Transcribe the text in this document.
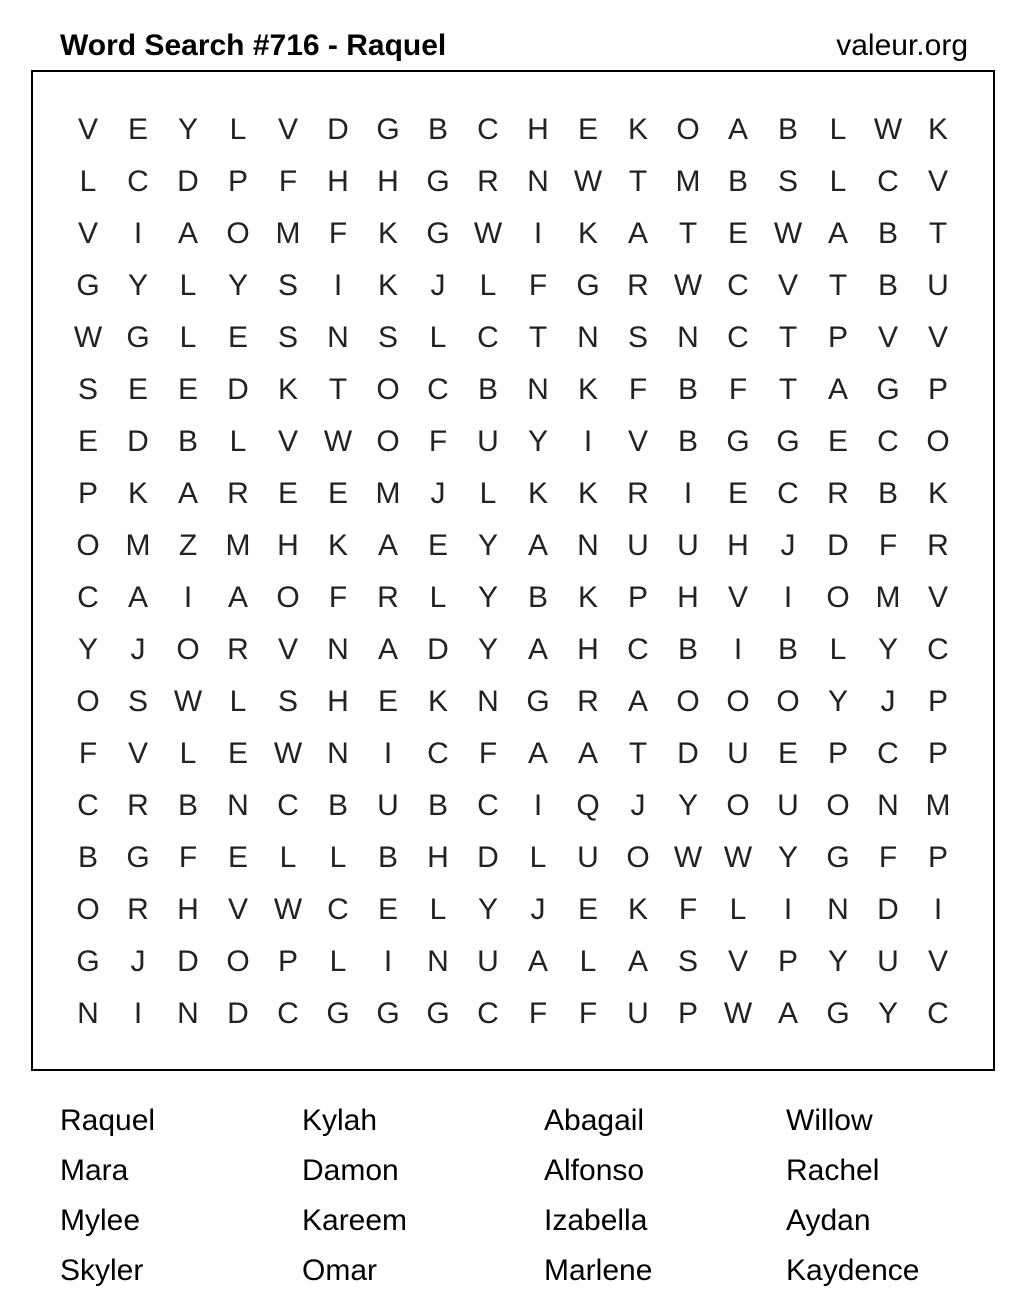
Word Search #716 - Raquel	valeur.org
V E Y	L	V D G B C H E K O A B	L W K
L	C D P	F	H H G R N W T M B S	L	C V
V	I	A O M F	K G W	I	K A	T	E W A B	T
G Y	L	Y S	I	K	J	L	F G R W C V	T	B U
W G L	E S N S	L	C	T	N S N C	T	P V V
S E E D K	T O C B N K	F	B	F	T	A G P
E D B	L	V W O F	U Y	I	V B G G E C O
P K A R E E M	J	L	K K R	I	E C R B K
O M Z M H K A E Y A N U U H	J	D	F	R
C A	I	A O F	R	L	Y B K P H V	I	O M V
Y	J	O R V N A D Y A H C B	I	B	L	Y C
O S W L	S H E K N G R A O O O Y	J	P
F	V	L	E W N	I	C	F	A A	T	D U E P C P
C R B N C B U B C	I	Q	J	Y O U O N M
B G F	E	L	L	B H D	L	U O W W Y G F	P
O R H V W C E	L	Y	J	E K	F	L	I	N D	I
G	J	D O P	L	I	N U A	L	A S V P Y U V
N	I	N D C G G G C	F	F	U P W A G Y C
Raquel	Kylah	Abagail	Willow
Mara	Damon	Alfonso	Rachel
Mylee	Kareem	Izabella	Aydan
Skyler	Omar	Marlene	Kaydence
